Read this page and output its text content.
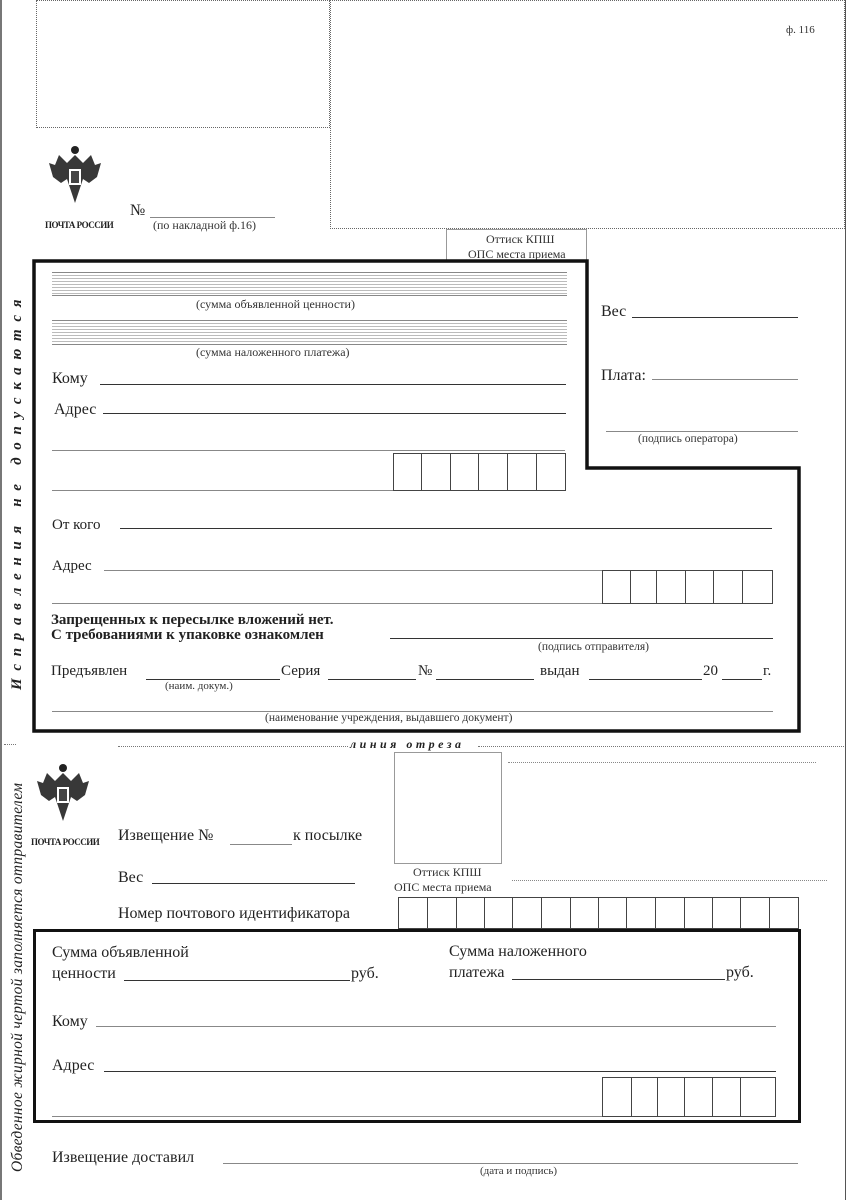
ф. 116
ПОЧТА РОССИИ
№
(по накладной ф.16)
Оттиск КПШ
ОПС места приема
Исправления не допускаются	(сумма объявленной ценности)
(сумма наложенного платежа)
Кому
Адрес
Вес
Плата:
(подпись оператора)
От кого
Адрес
Запрещенных к пересылке вложений нет.
С требованиями к упаковке ознакомлен
(подпись отправителя)
Предъявлен
(наим. докум.)
Серия	№	выдан	20	г.
(наименование учреждения, выдавшего документ)
линия отреза
ПОЧТА РОССИИ
Обведенное жирной чертой заполняется отправителем	Оттиск КПШ
ОПС места приема
Извещение №	к посылке
Вес
Номер почтового идентификатора
Сумма объявленной
ценности	руб.
Сумма наложенного
платежа	руб.
Кому
Адрес
Извещение доставил
(дата и подпись)
